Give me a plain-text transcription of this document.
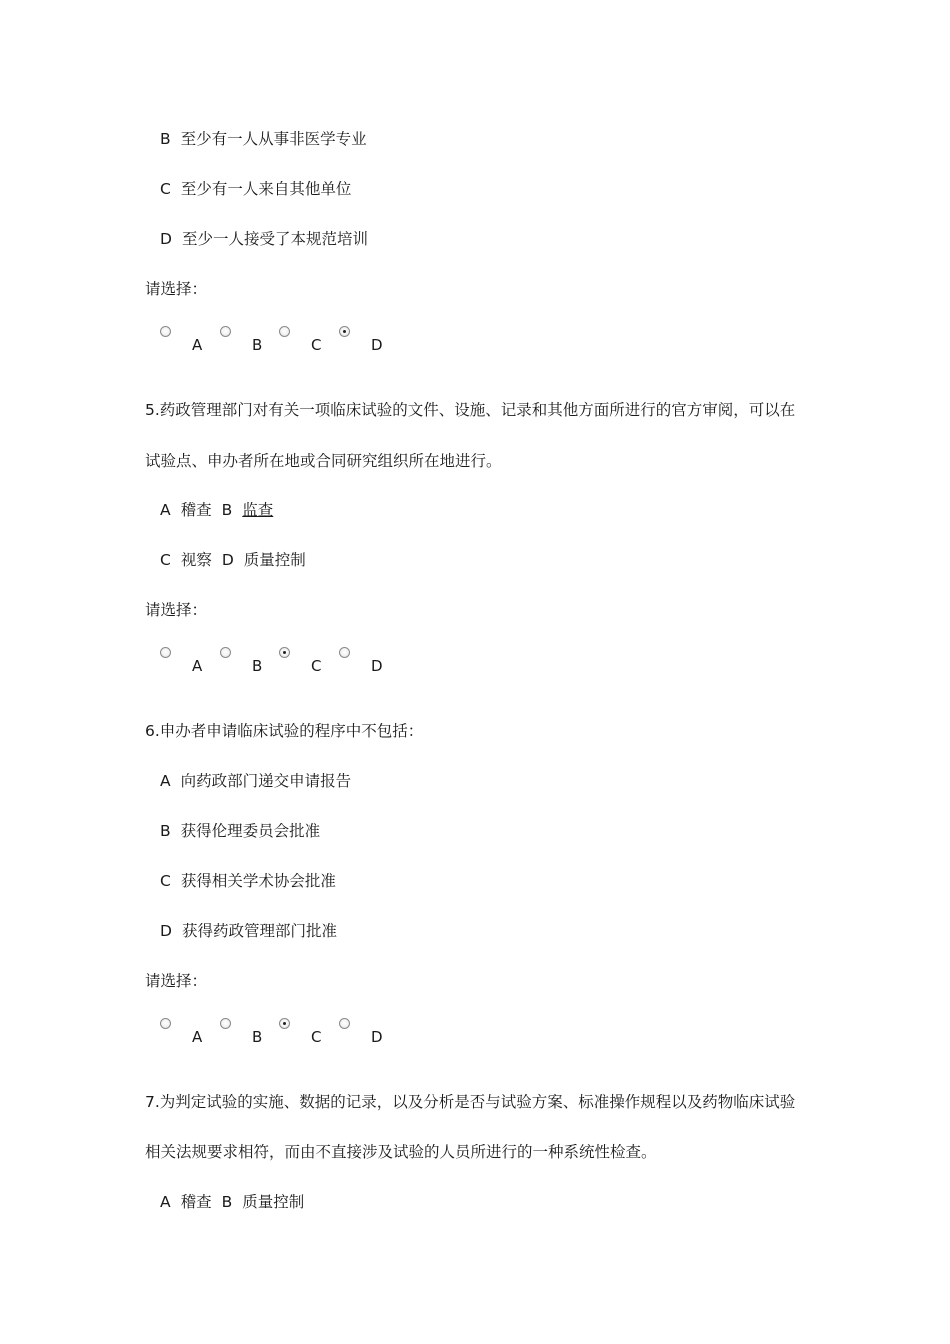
B 至少有一人从事非医学专业
C 至少有一人来自其他单位
D 至少一人接受了本规范培训
请选择：
A	B	C	D
5.药政管理部门对有关一项临床试验的文件、设施、记录和其他方面所进行的官方审阅，可以在
试验点、申办者所在地或合同研究组织所在地进行。
A 稽查 B 监查
C 视察 D 质量控制
请选择：
A	B	C	D
6.申办者申请临床试验的程序中不包括：
A 向药政部门递交申请报告
B 获得伦理委员会批准
C 获得相关学术协会批准
D 获得药政管理部门批准
请选择：
A	B	C	D
7.为判定试验的实施、数据的记录，以及分析是否与试验方案、标准操作规程以及药物临床试验
相关法规要求相符，而由不直接涉及试验的人员所进行的一种系统性检查。
A 稽查 B 质量控制
